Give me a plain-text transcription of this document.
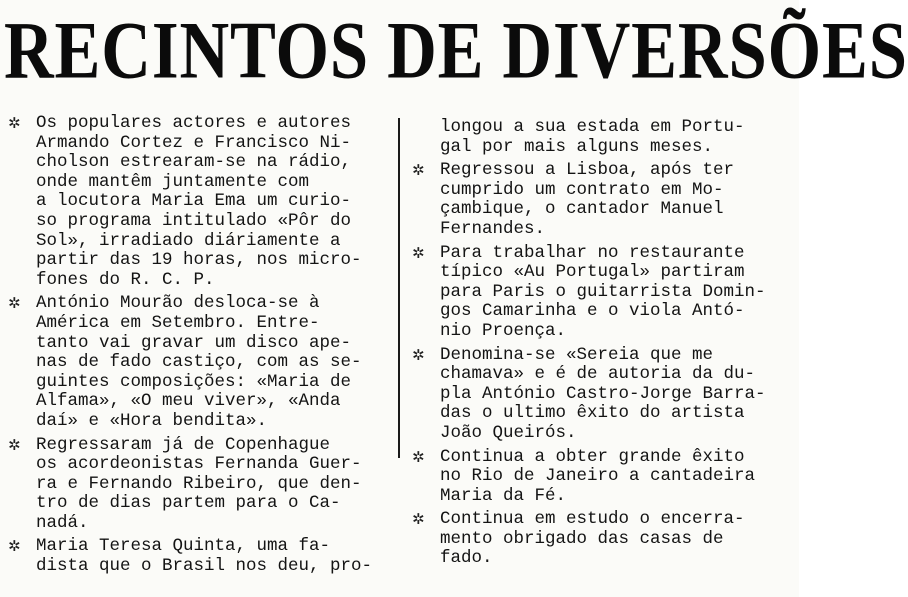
RECINTOS DE DIVERSÕES
✲ Os populares actores e autores
Armando Cortez e Francisco Ni-
cholson estrearam-se na rádio,
onde mantêm juntamente com
a locutora Maria Ema um curio-
so programa intitulado «Pôr do
Sol», irradiado diáriamente a
partir das 19 horas, nos micro-
fones do R. C. P.
✲ António Mourão desloca-se à
América em Setembro. Entre-
tanto vai gravar um disco ape-
nas de fado castiço, com as se-
guintes composições: «Maria de
Alfama», «O meu viver», «Anda
daí» e «Hora bendita».
✲ Regressaram já de Copenhague
os acordeonistas Fernanda Guer-
ra e Fernando Ribeiro, que den-
tro de dias partem para o Ca-
nadá.
✲ Maria Teresa Quinta, uma fa-
dista que o Brasil nos deu, pro-
longou a sua estada em Portu-
gal por mais alguns meses.
✲ Regressou a Lisboa, após ter
cumprido um contrato em Mo-
çambique, o cantador Manuel
Fernandes.
✲ Para trabalhar no restaurante
típico «Au Portugal» partiram
para Paris o guitarrista Domin-
gos Camarinha e o viola Antó-
nio Proença.
✲ Denomina-se «Sereia que me
chamava» e é de autoria da du-
pla António Castro-Jorge Barra-
das o ultimo êxito do artista
João Queirós.
✲ Continua a obter grande êxito
no Rio de Janeiro a cantadeira
Maria da Fé.
✲ Continua em estudo o encerra-
mento obrigado das casas de
fado.
